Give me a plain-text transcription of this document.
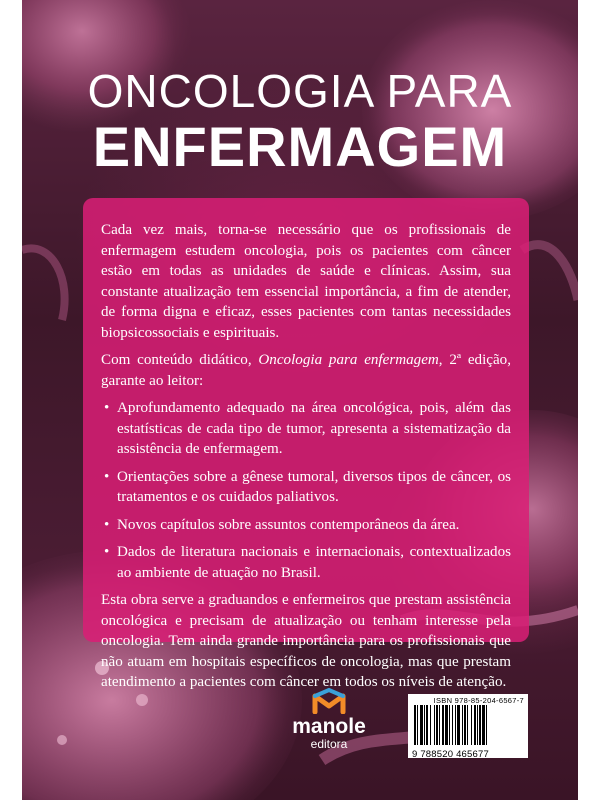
ONCOLOGIA PARA
ENFERMAGEM

Cada vez mais, torna-se necessário que os profissionais de enfermagem estudem oncologia, pois os pacientes com câncer estão em todas as unidades de saúde e clínicas. Assim, sua constante atualização tem essencial importância, a fim de atender, de forma digna e eficaz, esses pacientes com tantas necessidades biopsicossociais e espirituais.

Com conteúdo didático, Oncologia para enfermagem, 2ª edição, garante ao leitor:

• Aprofundamento adequado na área oncológica, pois, além das estatísticas de cada tipo de tumor, apresenta a sistematização da assistência de enfermagem.
• Orientações sobre a gênese tumoral, diversos tipos de câncer, os tratamentos e os cuidados paliativos.
• Novos capítulos sobre assuntos contemporâneos da área.
• Dados de literatura nacionais e internacionais, contextualizados ao ambiente de atuação no Brasil.

Esta obra serve a graduandos e enfermeiros que prestam assistência oncológica e precisam de atualização ou tenham interesse pela oncologia. Tem ainda grande importância para os profissionais que não atuam em hospitais específicos de oncologia, mas que prestam atendimento a pacientes com câncer em todos os níveis de atenção.

manole
editora
ISBN 978-85-204-6567-7
9 788520 465677
